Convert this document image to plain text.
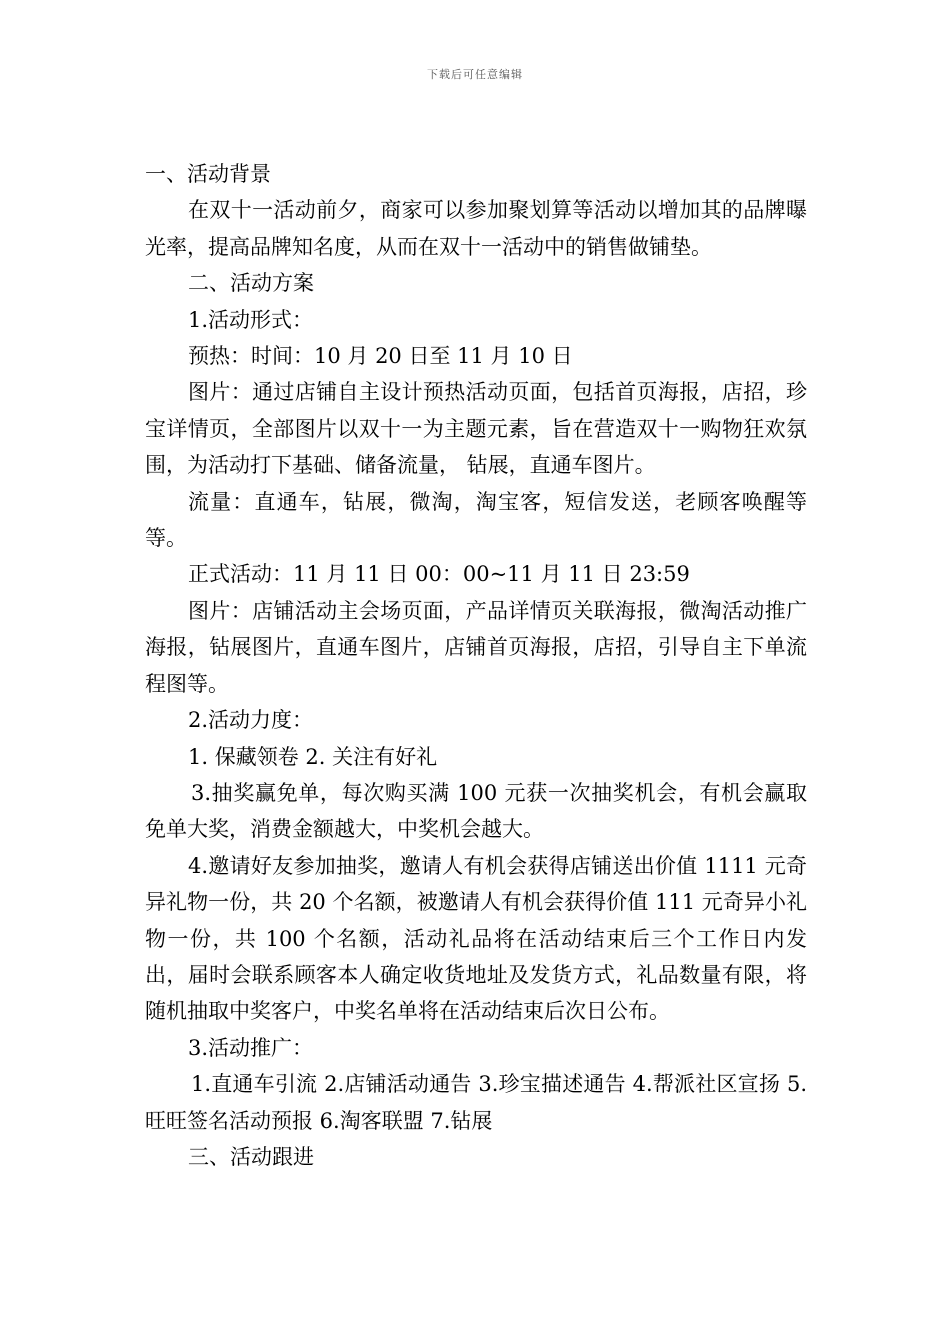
下载后可任意编辑

一、活动背景

在双十一活动前夕，商家可以参加聚划算等活动以增加其的品牌曝光率，提高品牌知名度，从而在双十一活动中的销售做铺垫。

二、活动方案

1.活动形式：

预热：时间：10 月 20 日至 11 月 10 日

图片：通过店铺自主设计预热活动页面，包括首页海报，店招，珍宝详情页，全部图片以双十一为主题元素，旨在营造双十一购物狂欢氛围，为活动打下基础、储备流量， 钻展，直通车图片。

流量：直通车，钻展，微淘，淘宝客，短信发送，老顾客唤醒等等。

正式活动：11 月 11 日 00：00~11 月 11 日 23:59

图片：店铺活动主会场页面，产品详情页关联海报，微淘活动推广海报，钻展图片，直通车图片，店铺首页海报，店招，引导自主下单流程图等。

2.活动力度：

1. 保藏领卷 2. 关注有好礼

3.抽奖赢免单，每次购买满 100 元获一次抽奖机会，有机会赢取免单大奖，消费金额越大，中奖机会越大。

4.邀请好友参加抽奖，邀请人有机会获得店铺送出价值 1111 元奇异礼物一份，共 20 个名额，被邀请人有机会获得价值 111 元奇异小礼物一份，共 100 个名额，活动礼品将在活动结束后三个工作日内发出，届时会联系顾客本人确定收货地址及发货方式，礼品数量有限，将随机抽取中奖客户，中奖名单将在活动结束后次日公布。

3.活动推广：

1.直通车引流 2.店铺活动通告 3.珍宝描述通告 4.帮派社区宣扬 5.旺旺签名活动预报 6.淘客联盟 7.钻展

三、活动跟进
